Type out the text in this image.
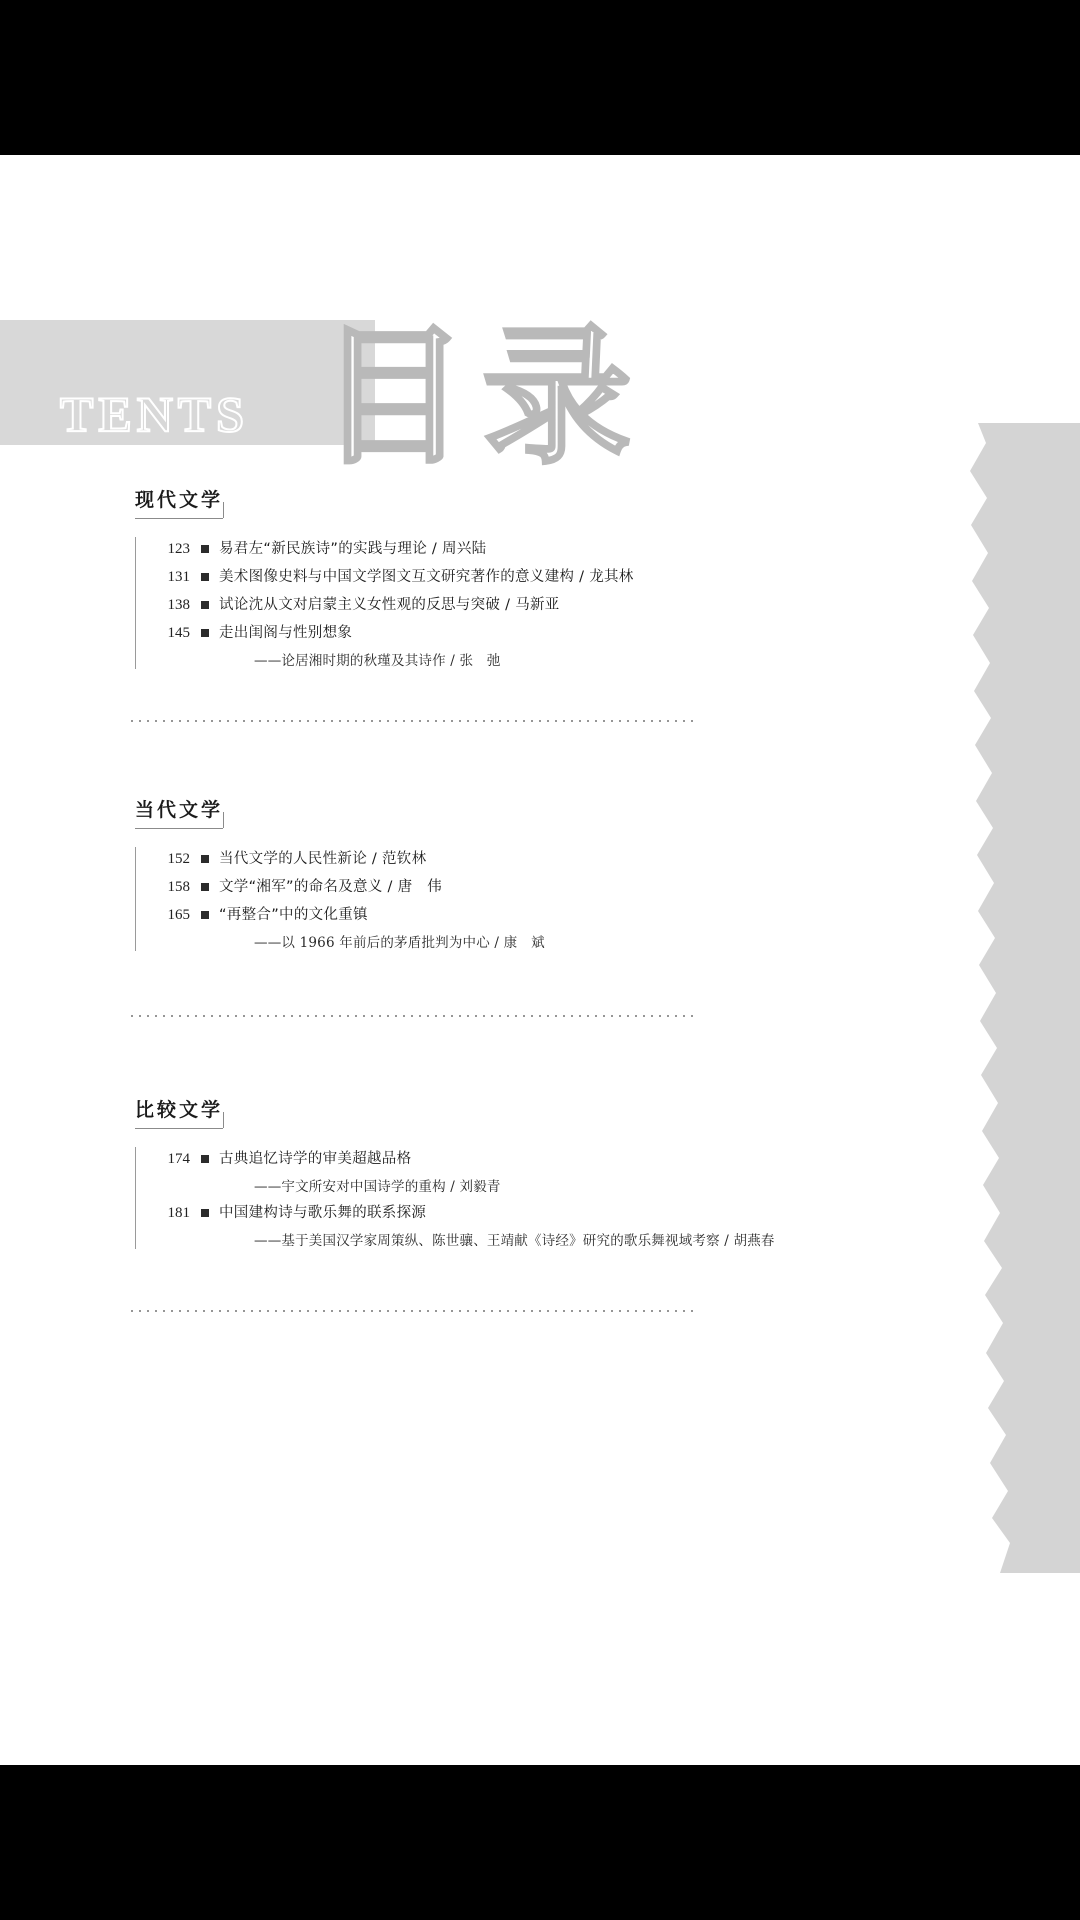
TENTS 目录
现代文学
123 易君左“新民族诗”的实践与理论 / 周兴陆
131 美术图像史料与中国文学图文互文研究著作的意义建构 / 龙其林
138 试论沈从文对启蒙主义女性观的反思与突破 / 马新亚
145 走出闺阁与性别想象
——论居湘时期的秋瑾及其诗作 / 张　弛
当代文学
152 当代文学的人民性新论 / 范钦林
158 文学“湘军”的命名及意义 / 唐　伟
165 “再整合”中的文化重镇
——以 1966 年前后的茅盾批判为中心 / 康　斌
比较文学
174 古典追忆诗学的审美超越品格
——宇文所安对中国诗学的重构 / 刘毅青
181 中国建构诗与歌乐舞的联系探源
——基于美国汉学家周策纵、陈世骧、王靖献《诗经》研究的歌乐舞视域考察 / 胡燕春
